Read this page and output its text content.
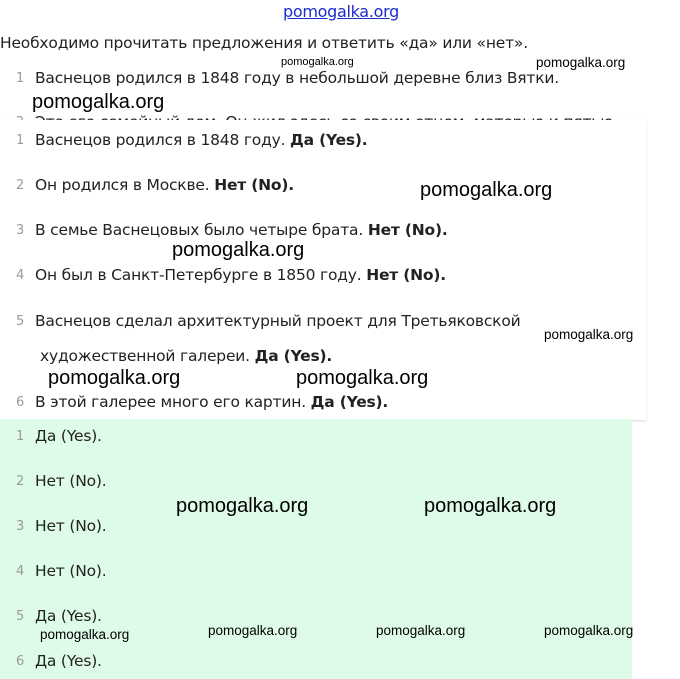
pomogalka.org
Необходимо прочитать предложения и ответить «да» или «нет».
1 Васнецов родился в 1848 году в небольшой деревне близ Вятки.
1 Васнецов родился в 1848 году. Да (Yes).
2 Он родился в Москве. Нет (No).
3 В семье Васнецовых было четыре брата. Нет (No).
4 Он был в Санкт-Петербурге в 1850 году. Нет (No).
5 Васнецов сделал архитектурный проект для Третьяковской
художественной галереи. Да (Yes).
6 В этой галерее много его картин. Да (Yes).
1 Да (Yes).
2 Нет (No).
3 Нет (No).
4 Нет (No).
5 Да (Yes).
6 Да (Yes).
pomogalka.org	pomogalka.org
pomogalka.org
pomogalka.org
pomogalka.org
pomogalka.org
pomogalka.org	pomogalka.org
pomogalka.org	pomogalka.org
pomogalka.org	pomogalka.org	pomogalka.org	pomogalka.org
